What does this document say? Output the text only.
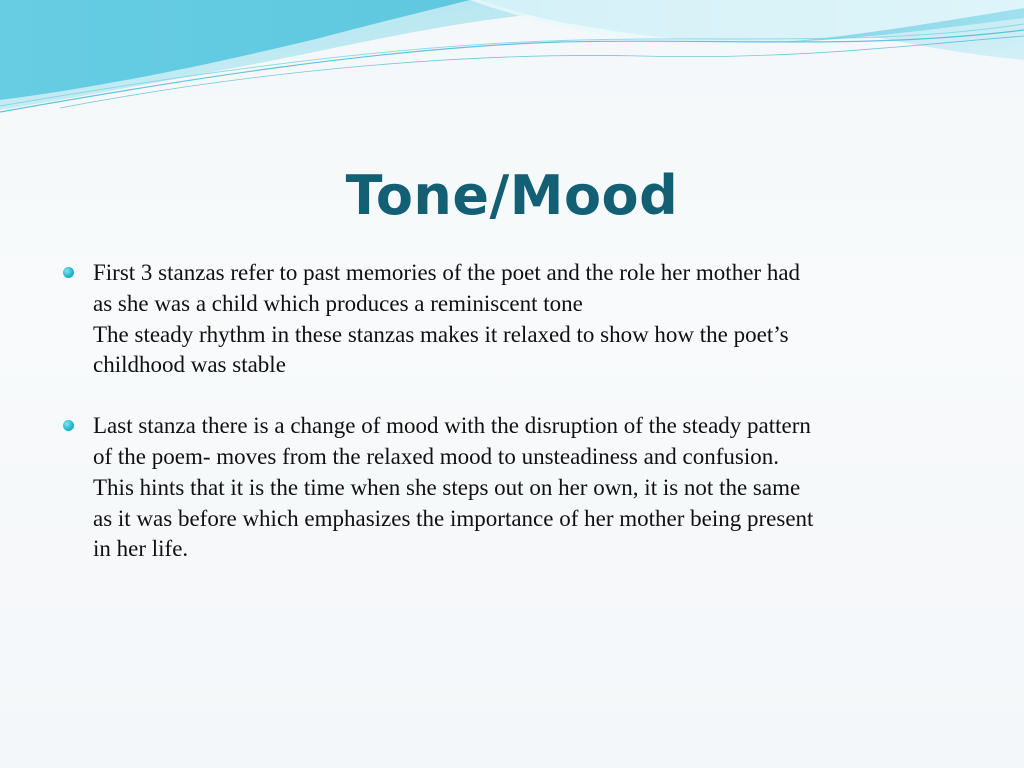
Tone/Mood
First 3 stanzas refer to past memories of the poet and the role her mother had
as she was a child which produces a reminiscent tone
The steady rhythm in these stanzas makes it relaxed to show how the poet’s
childhood was stable
Last stanza there is a change of mood with the disruption of the steady pattern
of the poem- moves from the relaxed mood to unsteadiness and confusion.
This hints that it is the time when she steps out on her own, it is not the same
as it was before which emphasizes the importance of her mother being present
in her life.
